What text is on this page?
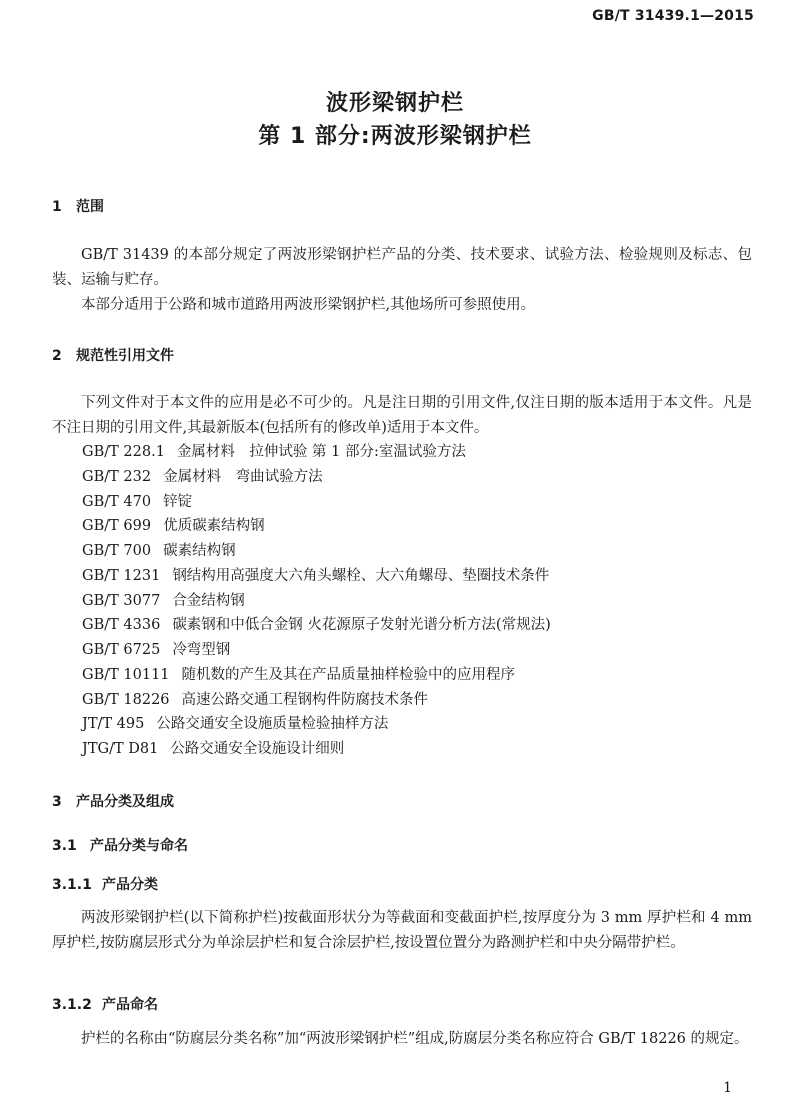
GB/T 31439.1—2015
波形梁钢护栏
第 1 部分:两波形梁钢护栏
1 范围

GB/T 31439 的本部分规定了两波形梁钢护栏产品的分类、技术要求、试验方法、检验规则及标志、包装、运输与贮存。

本部分适用于公路和城市道路用两波形梁钢护栏,其他场所可参照使用。

2 规范性引用文件

下列文件对于本文件的应用是必不可少的。凡是注日期的引用文件,仅注日期的版本适用于本文件。凡是不注日期的引用文件,其最新版本(包括所有的修改单)适用于本文件。

GB/T 228.1 金属材料　拉伸试验 第 1 部分:室温试验方法
GB/T 232 金属材料　弯曲试验方法
GB/T 470 锌锭
GB/T 699 优质碳素结构钢
GB/T 700 碳素结构钢
GB/T 1231 钢结构用高强度大六角头螺栓、大六角螺母、垫圈技术条件
GB/T 3077 合金结构钢
GB/T 4336 碳素钢和中低合金钢 火花源原子发射光谱分析方法(常规法)
GB/T 6725 冷弯型钢
GB/T 10111 随机数的产生及其在产品质量抽样检验中的应用程序
GB/T 18226 高速公路交通工程钢构件防腐技术条件
JT/T 495 公路交通安全设施质量检验抽样方法
JTG/T D81 公路交通安全设施设计细则
3 产品分类及组成
3.1 产品分类与命名
3.1.1 产品分类

两波形梁钢护栏(以下简称护栏)按截面形状分为等截面和变截面护栏,按厚度分为 3 mm 厚护栏和 4 mm 厚护栏,按防腐层形式分为单涂层护栏和复合涂层护栏,按设置位置分为路测护栏和中央分隔带护栏。

3.1.2 产品命名

护栏的名称由“防腐层分类名称”加“两波形梁钢护栏”组成,防腐层分类名称应符合 GB/T 18226 的规定。

1
